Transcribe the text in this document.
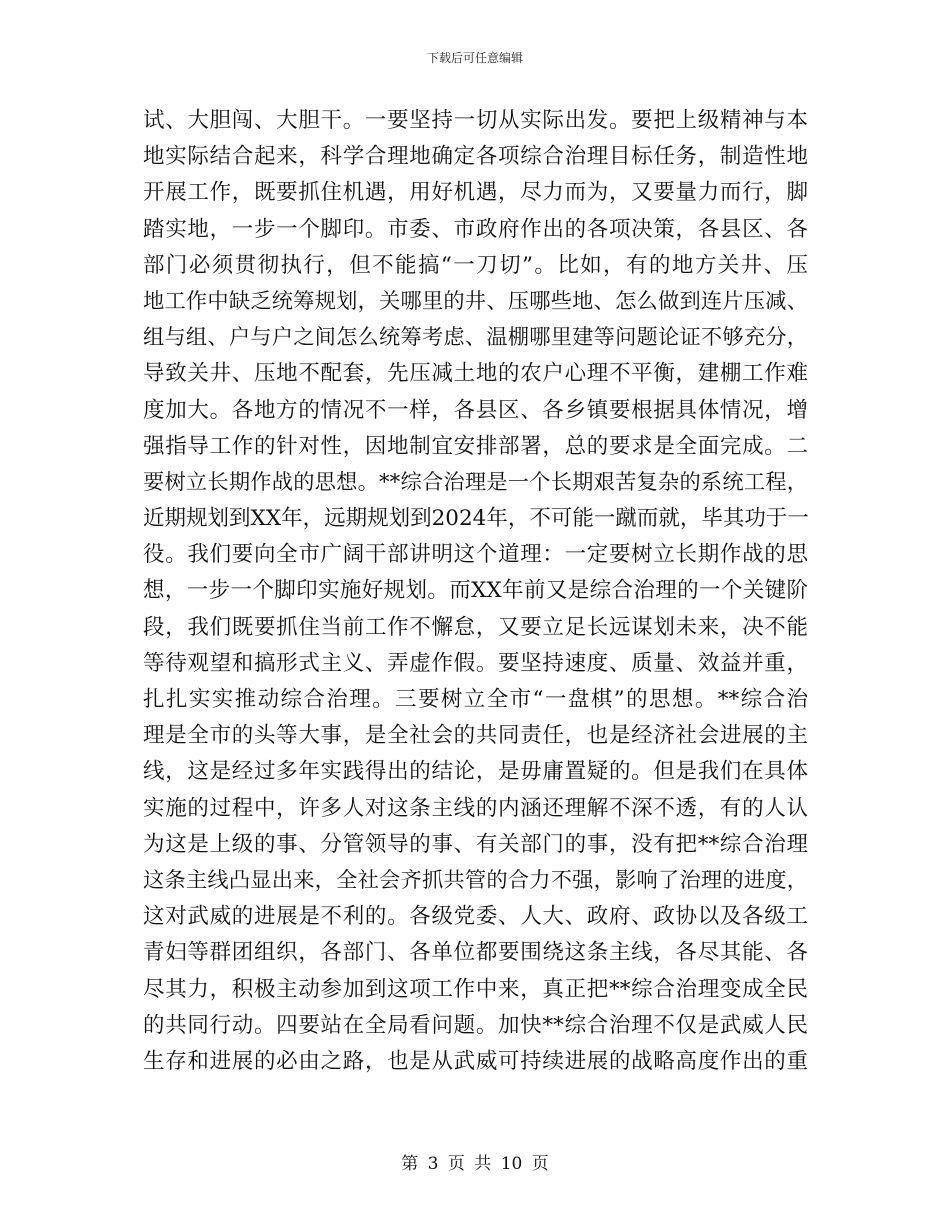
下载后可任意编辑
试、大胆闯、大胆干。一要坚持一切从实际出发。要把上级精神与本
地实际结合起来，科学合理地确定各项综合治理目标任务，制造性地
开展工作，既要抓住机遇，用好机遇，尽力而为，又要量力而行，脚
踏实地，一步一个脚印。市委、市政府作出的各项决策，各县区、各
部门必须贯彻执行，但不能搞“一刀切”。比如，有的地方关井、压
地工作中缺乏统筹规划，关哪里的井、压哪些地、怎么做到连片压减、
组与组、户与户之间怎么统筹考虑、温棚哪里建等问题论证不够充分，
导致关井、压地不配套，先压减土地的农户心理不平衡，建棚工作难
度加大。各地方的情况不一样，各县区、各乡镇要根据具体情况，增
强指导工作的针对性，因地制宜安排部署，总的要求是全面完成。二
要树立长期作战的思想。**综合治理是一个长期艰苦复杂的系统工程，
近期规划到XX年，远期规划到2024年，不可能一蹴而就，毕其功于一
役。我们要向全市广阔干部讲明这个道理：一定要树立长期作战的思
想，一步一个脚印实施好规划。而XX年前又是综合治理的一个关键阶
段，我们既要抓住当前工作不懈怠，又要立足长远谋划未来，决不能
等待观望和搞形式主义、弄虚作假。要坚持速度、质量、效益并重，
扎扎实实推动综合治理。三要树立全市“一盘棋”的思想。**综合治
理是全市的头等大事，是全社会的共同责任，也是经济社会进展的主
线，这是经过多年实践得出的结论，是毋庸置疑的。但是我们在具体
实施的过程中，许多人对这条主线的内涵还理解不深不透，有的人认
为这是上级的事、分管领导的事、有关部门的事，没有把**综合治理
这条主线凸显出来，全社会齐抓共管的合力不强，影响了治理的进度，
这对武威的进展是不利的。各级党委、人大、政府、政协以及各级工
青妇等群团组织，各部门、各单位都要围绕这条主线，各尽其能、各
尽其力，积极主动参加到这项工作中来，真正把**综合治理变成全民
的共同行动。四要站在全局看问题。加快**综合治理不仅是武威人民
生存和进展的必由之路，也是从武威可持续进展的战略高度作出的重
第 3 页 共 10 页
